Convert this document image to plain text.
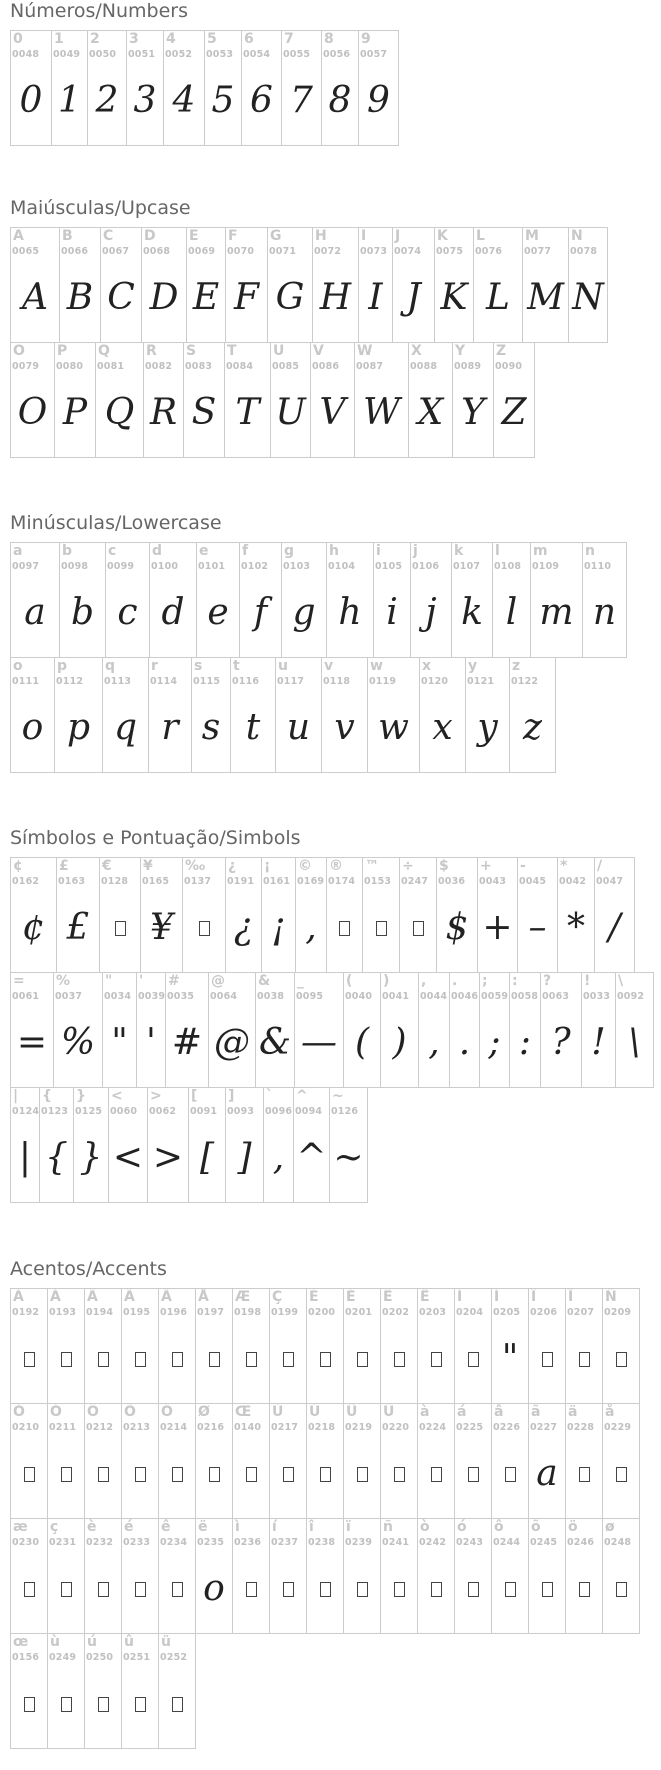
Números/Numbers
0
0048
0
1
0049
1
2
0050
2
3
0051
3
4
0052
4
5
0053
5
6
0054
6
7
0055
7
8
0056
8
9
0057
9
Maiúsculas/Upcase
A
0065
A
B
0066
B
C
0067
C
D
0068
D
E
0069
E
F
0070
F
G
0071
G
H
0072
H
I
0073
I
J
0074
J
K
0075
K
L
0076
L
M
0077
M
N
0078
N
O
0079
O
P
0080
P
Q
0081
Q
R
0082
R
S
0083
S
T
0084
T
U
0085
U
V
0086
V
W
0087
W
X
0088
X
Y
0089
Y
Z
0090
Z
Minúsculas/Lowercase
a
0097
a
b
0098
b
c
0099
c
d
0100
d
e
0101
e
f
0102
f
g
0103
g
h
0104
h
i
0105
i
j
0106
j
k
0107
k
l
0108
l
m
0109
m
n
0110
n
o
0111
o
p
0112
p
q
0113
q
r
0114
r
s
0115
s
t
0116
t
u
0117
u
v
0118
v
w
0119
w
x
0120
x
y
0121
y
z
0122
z
Símbolos e Pontuação/Simbols
¢
0162
¢
£
0163
£
€
0128
¥
0165
¥
‰
0137
¿
0191
¿
¡
0161
¡
©
0169
,
®
0174
™
0153
÷
0247
$
0036
$
+
0043
+
-
0045
–
*
0042
*
/
0047
/
=
0061
=
%
0037
%
"
0034
"
'
0039
'
#
0035
#
@
0064
@
&
0038
&
_
0095
—
(
0040
(
)
0041
)
,
0044
,
.
0046
.
;
0059
;
:
0058
:
?
0063
?
!
0033
!
\
0092
\
|
0124
|
{
0123
{
}
0125
}
<
0060
<
>
0062
>
[
0091
[
]
0093
]
`
0096
,
^
0094
^
~
0126
~
Acentos/Accents
À
0192
Á
0193
Â
0194
Ã
0195
Ä
0196
Å
0197
Æ
0198
Ç
0199
È
0200
É
0201
Ê
0202
Ë
0203
Ì
0204
Í
0205
"
Î
0206
Ï
0207
Ñ
0209
Ò
0210
Ó
0211
Ô
0212
Õ
0213
Ö
0214
Ø
0216
Œ
0140
Ù
0217
Ú
0218
Û
0219
Ü
0220
à
0224
á
0225
â
0226
ã
0227
a
ä
0228
å
0229
æ
0230
ç
0231
è
0232
é
0233
ê
0234
ë
0235
o
ì
0236
í
0237
î
0238
ï
0239
ñ
0241
ò
0242
ó
0243
ô
0244
õ
0245
ö
0246
ø
0248
œ
0156
ù
0249
ú
0250
û
0251
ü
0252
